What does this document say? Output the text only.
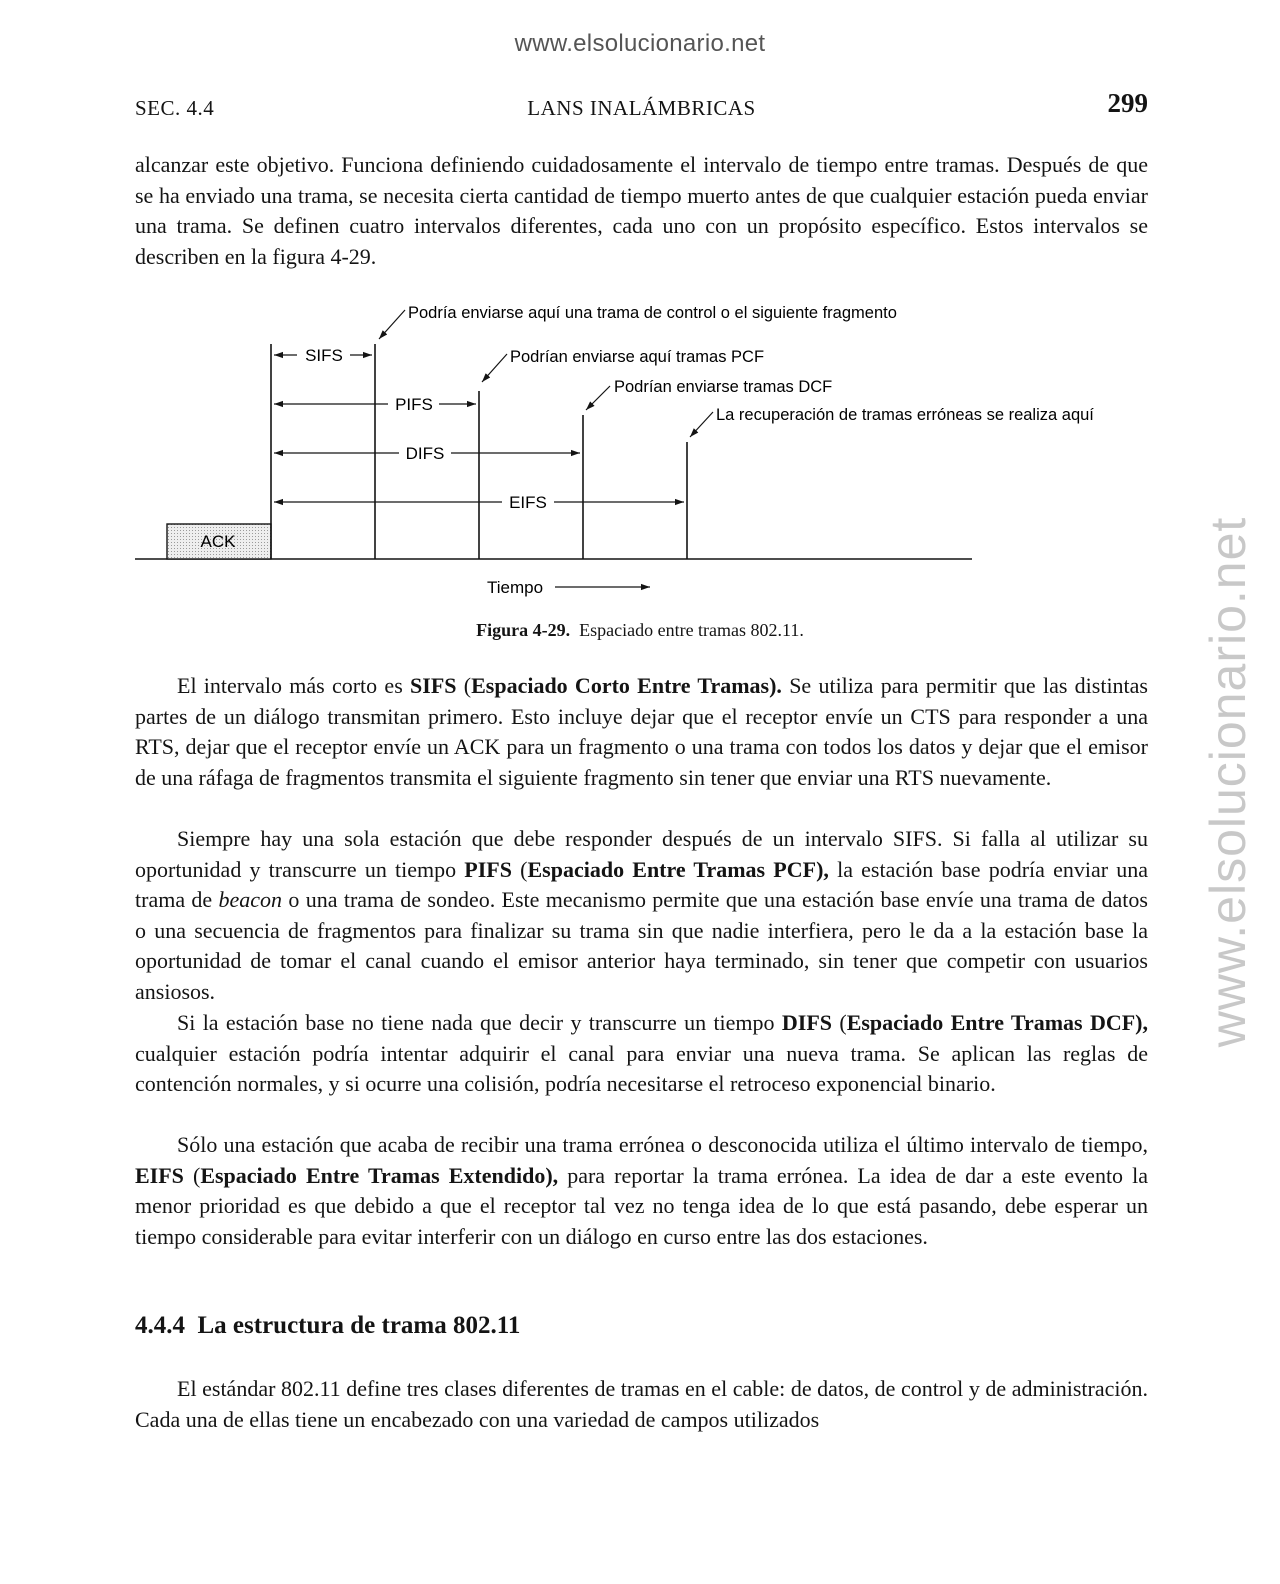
www.elsolucionario.net
www.elsolucionario.net
SEC. 4.4	LANS INALÁMBRICAS	299

alcanzar este objetivo. Funciona definiendo cuidadosamente el intervalo de tiempo entre tramas. Después de que se ha enviado una trama, se necesita cierta cantidad de tiempo muerto antes de que cualquier estación pueda enviar una trama. Se definen cuatro intervalos diferentes, cada uno con un propósito específico. Estos intervalos se describen en la figura 4-29.

ACK
SIFS
PIFS
DIFS
EIFS
Podría enviarse aquí una trama de control o el siguiente fragmento
Podrían enviarse aquí tramas PCF
Podrían enviarse tramas DCF
La recuperación de tramas erróneas se realiza aquí
Tiempo
Figura 4-29. Espaciado entre tramas 802.11.

El intervalo más corto es SIFS (Espaciado Corto Entre Tramas). Se utiliza para permitir que las distintas partes de un diálogo transmitan primero. Esto incluye dejar que el receptor envíe un CTS para responder a una RTS, dejar que el receptor envíe un ACK para un fragmento o una trama con todos los datos y dejar que el emisor de una ráfaga de fragmentos transmita el siguiente fragmento sin tener que enviar una RTS nuevamente.

Siempre hay una sola estación que debe responder después de un intervalo SIFS. Si falla al utilizar su oportunidad y transcurre un tiempo PIFS (Espaciado Entre Tramas PCF), la estación base podría enviar una trama de beacon o una trama de sondeo. Este mecanismo permite que una estación base envíe una trama de datos o una secuencia de fragmentos para finalizar su trama sin que nadie interfiera, pero le da a la estación base la oportunidad de tomar el canal cuando el emisor anterior haya terminado, sin tener que competir con usuarios ansiosos.

Si la estación base no tiene nada que decir y transcurre un tiempo DIFS (Espaciado Entre Tramas DCF), cualquier estación podría intentar adquirir el canal para enviar una nueva trama. Se aplican las reglas de contención normales, y si ocurre una colisión, podría necesitarse el retroceso exponencial binario.

Sólo una estación que acaba de recibir una trama errónea o desconocida utiliza el último intervalo de tiempo, EIFS (Espaciado Entre Tramas Extendido), para reportar la trama errónea. La idea de dar a este evento la menor prioridad es que debido a que el receptor tal vez no tenga idea de lo que está pasando, debe esperar un tiempo considerable para evitar interferir con un diálogo en curso entre las dos estaciones.

4.4.4 La estructura de trama 802.11

El estándar 802.11 define tres clases diferentes de tramas en el cable: de datos, de control y de administración. Cada una de ellas tiene un encabezado con una variedad de campos utilizados
